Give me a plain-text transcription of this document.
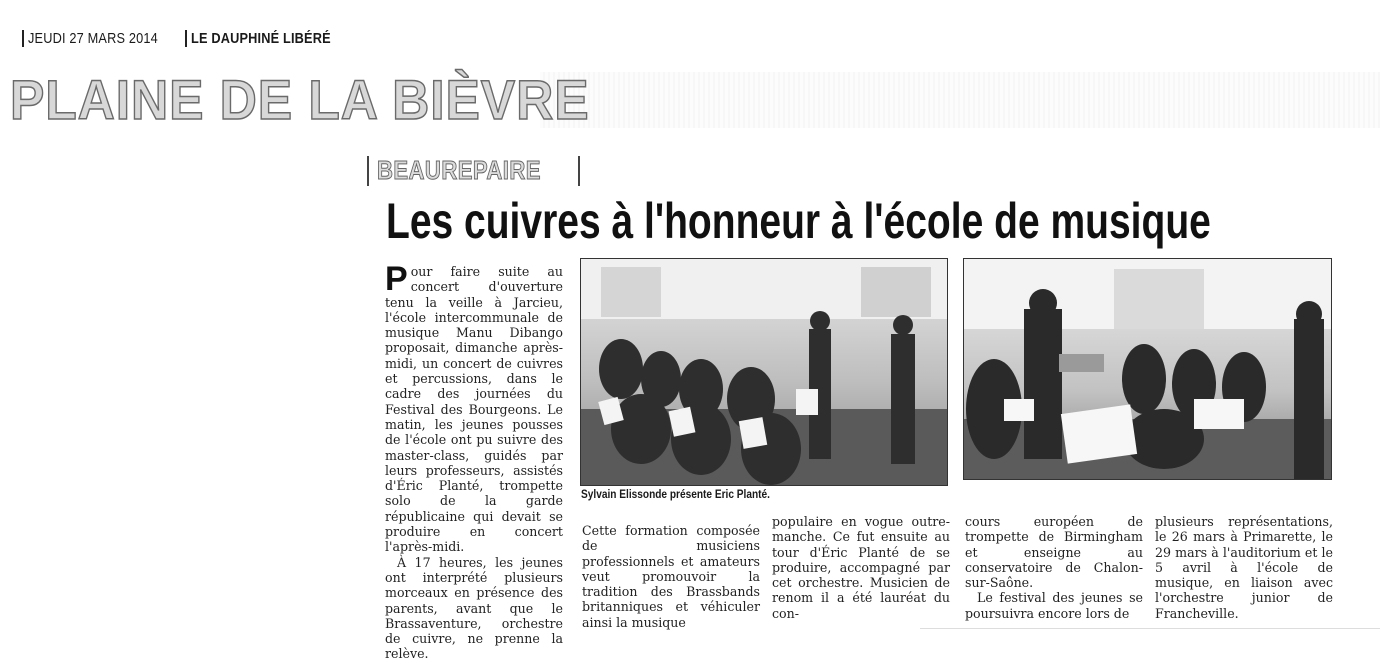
JEUDI 27 MARS 2014 LE DAUPHINÉ LIBÉRÉ
PLAINE DE LA BIÈVRE
BEAUREPAIRE
Les cuivres à l'honneur à l'école de musique

Pour faire suite au concert d'ouverture tenu la veille à Jarcieu, l'école intercommunale de musique Manu Dibango proposait, dimanche après-midi, un concert de cuivres et percussions, dans le cadre des journées du Festival des Bourgeons. Le matin, les jeunes pousses de l'école ont pu suivre des master-class, guidés par leurs professeurs, assistés d'Éric Planté, trompette solo de la garde républicaine qui devait se produire en concert l'après-midi.

À 17 heures, les jeunes ont interprété plusieurs morceaux en présence des parents, avant que le Brassaventure, orchestre de cuivre, ne prenne la relève.

Sylvain Elissonde présente Eric Planté.

Cette formation composée de musiciens professionnels et amateurs veut promouvoir la tradition des Brassbands britanniques et véhiculer ainsi la musique

populaire en vogue outre-manche. Ce fut ensuite au tour d'Éric Planté de se produire, accompagné par cet orchestre. Musicien de renom il a été lauréat du con-

cours européen de trompette de Birmingham et enseigne au conservatoire de Chalon-sur-Saône.

Le festival des jeunes se poursuivra encore lors de

plusieurs représentations, le 26 mars à Primarette, le 29 mars à l'auditorium et le 5 avril à l'école de musique, en liaison avec l'orchestre junior de Francheville.
